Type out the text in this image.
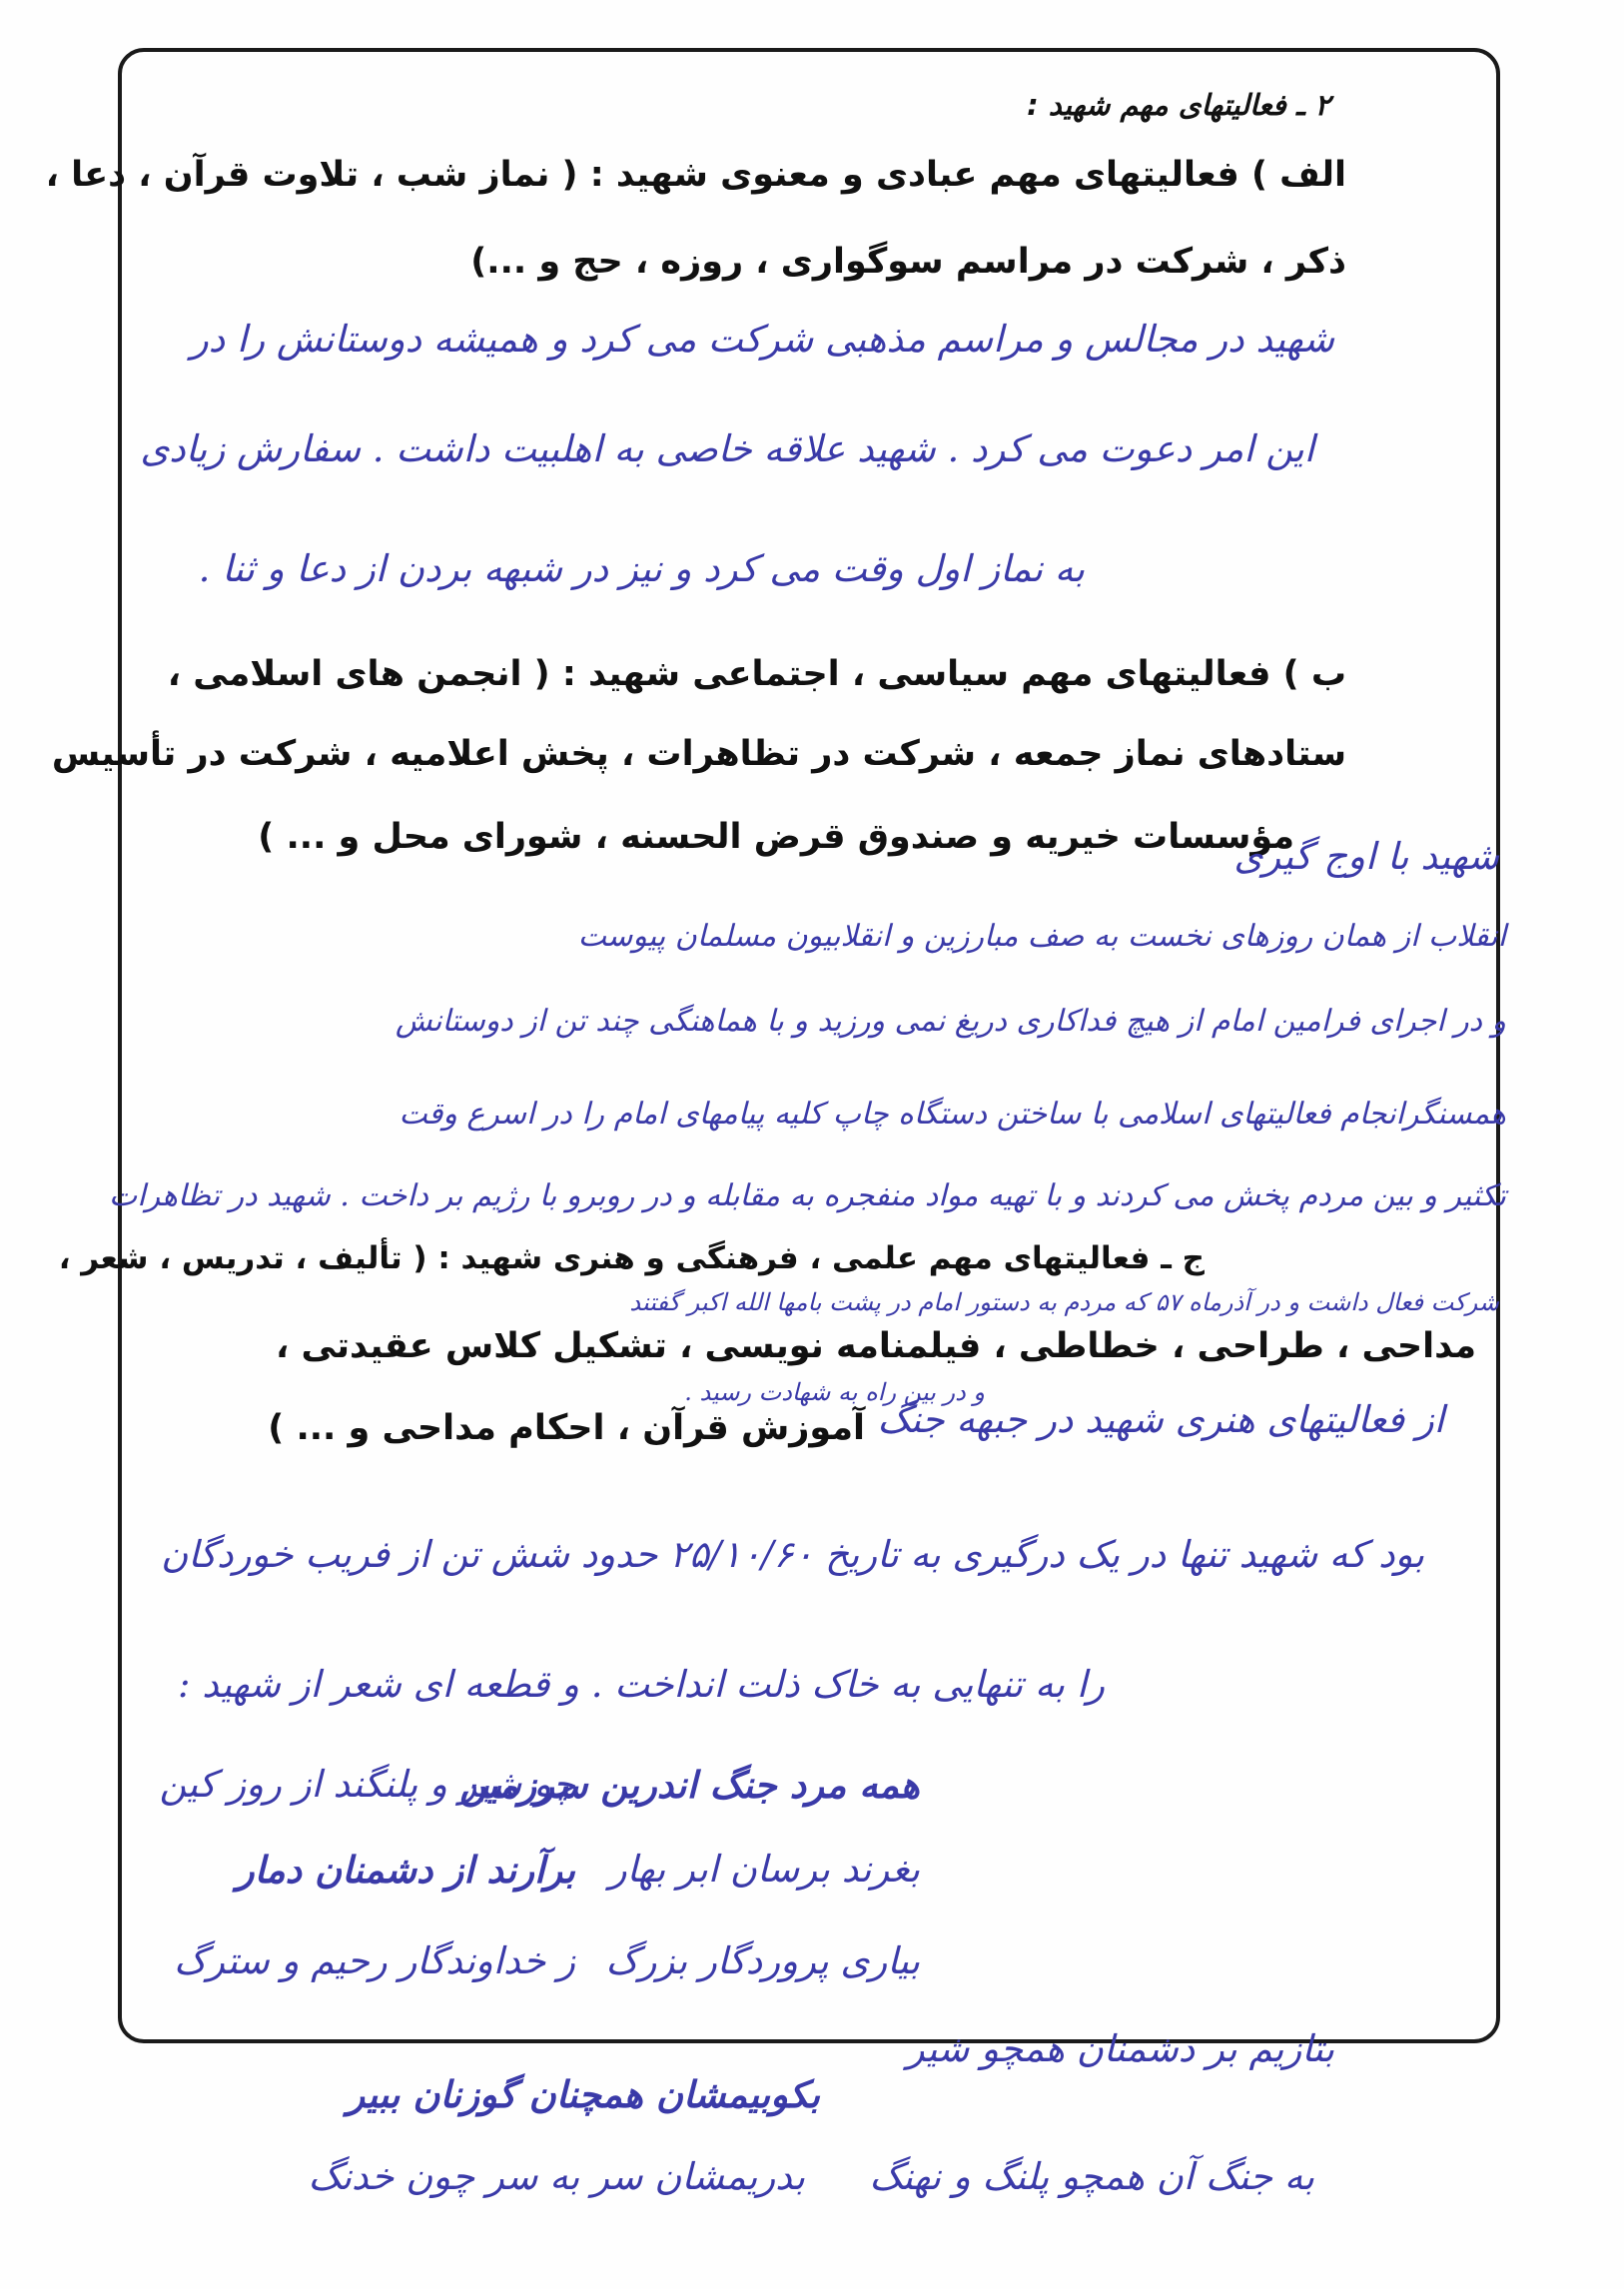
۲ ـ فعالیتهای مهم شهید :
الف ) فعالیتهای مهم عبادی و معنوی شهید : ( نماز شب ، تلاوت قرآن ، دعا ،
ذکر ، شرکت در مراسم سوگواری ، روزه ، حج و ...)
شهید در مجالس و مراسم مذهبی شرکت می کرد و همیشه دوستانش را در
این امر دعوت می کرد . شهید علاقه خاصی به اهلبیت داشت . سفارش زیادی
به نماز اول وقت می کرد و نیز در شبهه بردن از دعا و ثنا .
ب ) فعالیتهای مهم سیاسی ، اجتماعی شهید : ( انجمن های اسلامی ،
ستادهای نماز جمعه ، شرکت در تظاهرات ، پخش اعلامیه ، شرکت در تأسیس
مؤسسات خیریه و صندوق قرض الحسنه ، شورای محل و ... )
شهید با اوج گیری
انقلاب از همان روزهای نخست به صف مبارزین و انقلابیون مسلمان پیوست
و در اجرای فرامین امام از هیچ فداکاری دریغ نمی ورزید و با هماهنگی چند تن از دوستانش
همسنگرانجام فعالیتهای اسلامی با ساختن دستگاه چاپ کلیه پیامهای امام را در اسرع وقت
تکثیر و بین مردم پخش می کردند و با تهیه مواد منفجره به مقابله و در روبرو با رژیم بر داخت . شهید در تظاهرات
ج ـ فعالیتهای مهم علمی ، فرهنگی و هنری شهید : ( تألیف ، تدریس ، شعر ،
شرکت فعال داشت و در آذرماه ۵۷ که مردم به دستور امام در پشت بامها الله اکبر گفتند
مداحی ، طراحی ، خطاطی ، فیلمنامه نویسی ، تشکیل کلاس عقیدتی ،
و در بین راه به شهادت رسید .
آموزش قرآن ، احکام مداحی و ... ) از فعالیتهای هنری شهید در جبهه جنگ
بود که شهید تنها در یک درگیری به تاریخ ۲۵/۱۰/۶۰ حدود شش تن از فریب خوردگان
را به تنهایی به خاک ذلت انداخت . و قطعه ای شعر از شهید :
همه مرد جنگ اندرین سرزمین
چو شیر و پلنگند از روز کین
بغرند برسان ابر بهار
برآرند از دشمنان دمار
بیاری پروردگار بزرگ
ز خداوندگار رحیم و سترگ
بتازیم بر دشمنان همچو شیر
بکوبیمشان همچنان گوزنان ببیر
به جنگ آن همچو پلنگ و نهنگ
بدریمشان سر به سر چون خدنگ
